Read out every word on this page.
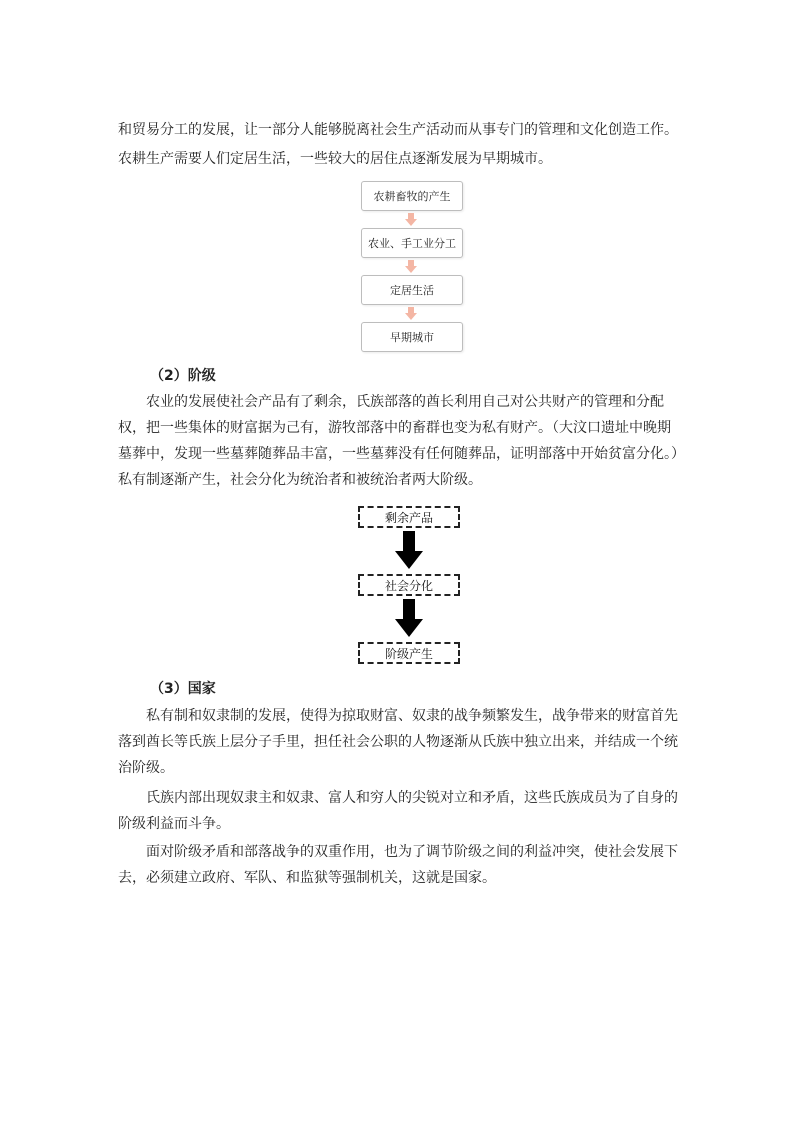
和贸易分工的发展，让一部分人能够脱离社会生产活动而从事专门的管理和文化创造工作。

农耕生产需要人们定居生活，一些较大的居住点逐渐发展为早期城市。

农耕畜牧的产生
农业、手工业分工
定居生活
早期城市

（2）阶级

农业的发展使社会产品有了剩余，氏族部落的酋长利用自己对公共财产的管理和分配权，把一些集体的财富据为己有，游牧部落中的畜群也变为私有财产。（大汶口遗址中晚期墓葬中，发现一些墓葬随葬品丰富，一些墓葬没有任何随葬品，证明部落中开始贫富分化。）私有制逐渐产生，社会分化为统治者和被统治者两大阶级。

剩余产品
社会分化
阶级产生

（3）国家

私有制和奴隶制的发展，使得为掠取财富、奴隶的战争频繁发生，战争带来的财富首先落到酋长等氏族上层分子手里，担任社会公职的人物逐渐从氏族中独立出来，并结成一个统治阶级。

氏族内部出现奴隶主和奴隶、富人和穷人的尖锐对立和矛盾，这些氏族成员为了自身的阶级利益而斗争。

面对阶级矛盾和部落战争的双重作用，也为了调节阶级之间的利益冲突，使社会发展下去，必须建立政府、军队、和监狱等强制机关，这就是国家。
